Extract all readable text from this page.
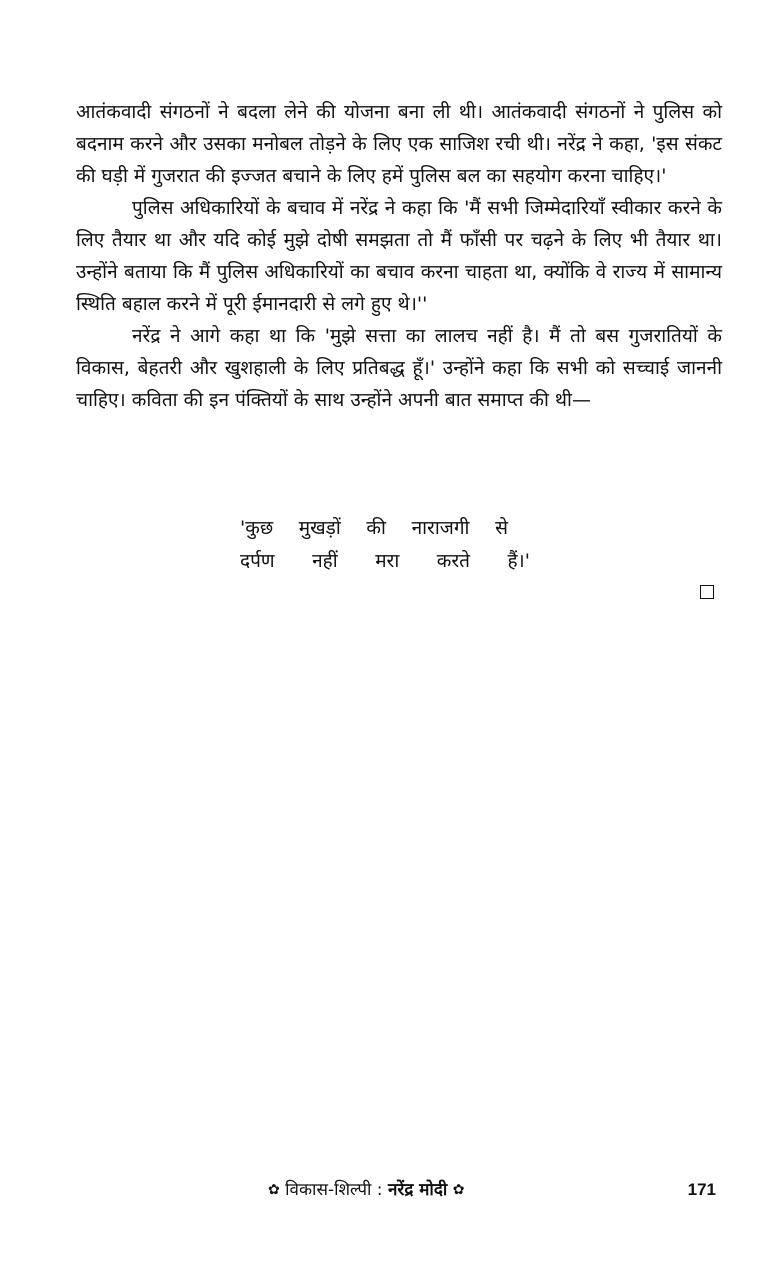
आतंकवादी संगठनों ने बदला लेने की योजना बना ली थी। आतंकवादी संगठनों ने पुलिस को बदनाम करने और उसका मनोबल तोड़ने के लिए एक साजिश रची थी। नरेंद्र ने कहा, 'इस संकट की घड़ी में गुजरात की इज्जत बचाने के लिए हमें पुलिस बल का सहयोग करना चाहिए।'

पुलिस अधिकारियों के बचाव में नरेंद्र ने कहा कि 'मैं सभी जिम्मेदारियाँ स्वीकार करने के लिए तैयार था और यदि कोई मुझे दोषी समझता तो मैं फाँसी पर चढ़ने के लिए भी तैयार था। उन्होंने बताया कि मैं पुलिस अधिकारियों का बचाव करना चाहता था, क्योंकि वे राज्य में सामान्य स्थिति बहाल करने में पूरी ईमानदारी से लगे हुए थे।''

नरेंद्र ने आगे कहा था कि 'मुझे सत्ता का लालच नहीं है। मैं तो बस गुजरातियों के विकास, बेहतरी और खुशहाली के लिए प्रतिबद्ध हूँ।' उन्होंने कहा कि सभी को सच्चाई जाननी चाहिए। कविता की इन पंक्तियों के साथ उन्होंने अपनी बात समाप्त की थी—

'कुछ मुखड़ों की नाराजगी से
दर्पण नहीं मरा करते हैं।'
✿ विकास-शिल्पी : नरेंद्र मोदी ✿	171
